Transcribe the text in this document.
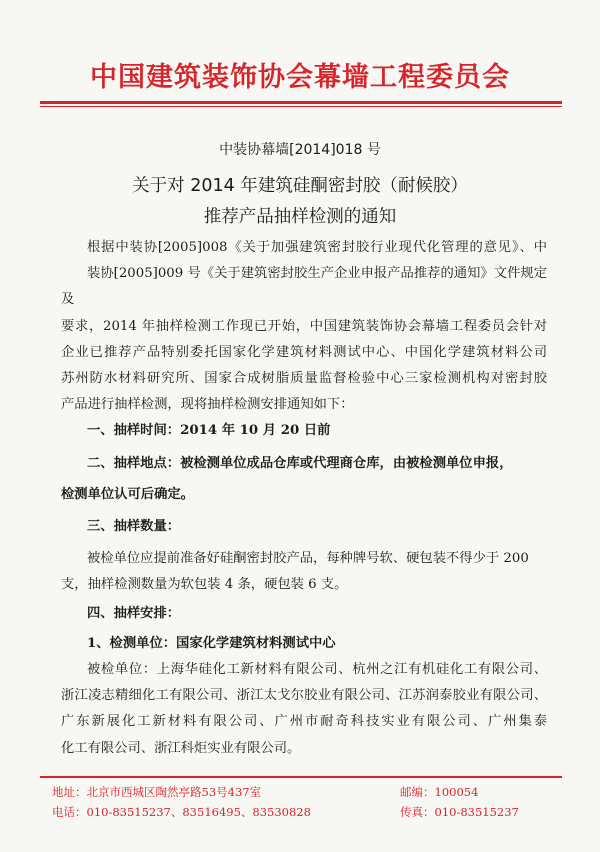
中国建筑装饰协会幕墙工程委员会
中装协幕墙[2014]018 号
关于对 2014 年建筑硅酮密封胶（耐候胶）
推荐产品抽样检测的通知
根据中装协[2005]008《关于加强建筑密封胶行业现代化管理的意见》、中
装协[2005]009 号《关于建筑密封胶生产企业申报产品推荐的通知》文件规定及
要求，2014 年抽样检测工作现已开始，中国建筑装饰协会幕墙工程委员会针对
企业已推荐产品特别委托国家化学建筑材料测试中心、中国化学建筑材料公司
苏州防水材料研究所、国家合成树脂质量监督检验中心三家检测机构对密封胶
产品进行抽样检测，现将抽样检测安排通知如下：
一、抽样时间：2014 年 10 月 20 日前
二、抽样地点：被检测单位成品仓库或代理商仓库，由被检测单位申报，
检测单位认可后确定。
三、抽样数量：
被检单位应提前准备好硅酮密封胶产品，每种牌号软、硬包装不得少于 200
支，抽样检测数量为软包装 4 条，硬包装 6 支。
四、抽样安排：
1、检测单位：国家化学建筑材料测试中心
被检单位：上海华硅化工新材料有限公司、杭州之江有机硅化工有限公司、
浙江凌志精细化工有限公司、浙江太戈尔胶业有限公司、江苏润泰胶业有限公司、
广东新展化工新材料有限公司、广州市耐奇科技实业有限公司、广州集泰
化工有限公司、浙江科炬实业有限公司。
地址：北京市西城区陶然亭路53号437室
电话：010-83515237、83516495、83530828
邮编：100054
传真：010-83515237
